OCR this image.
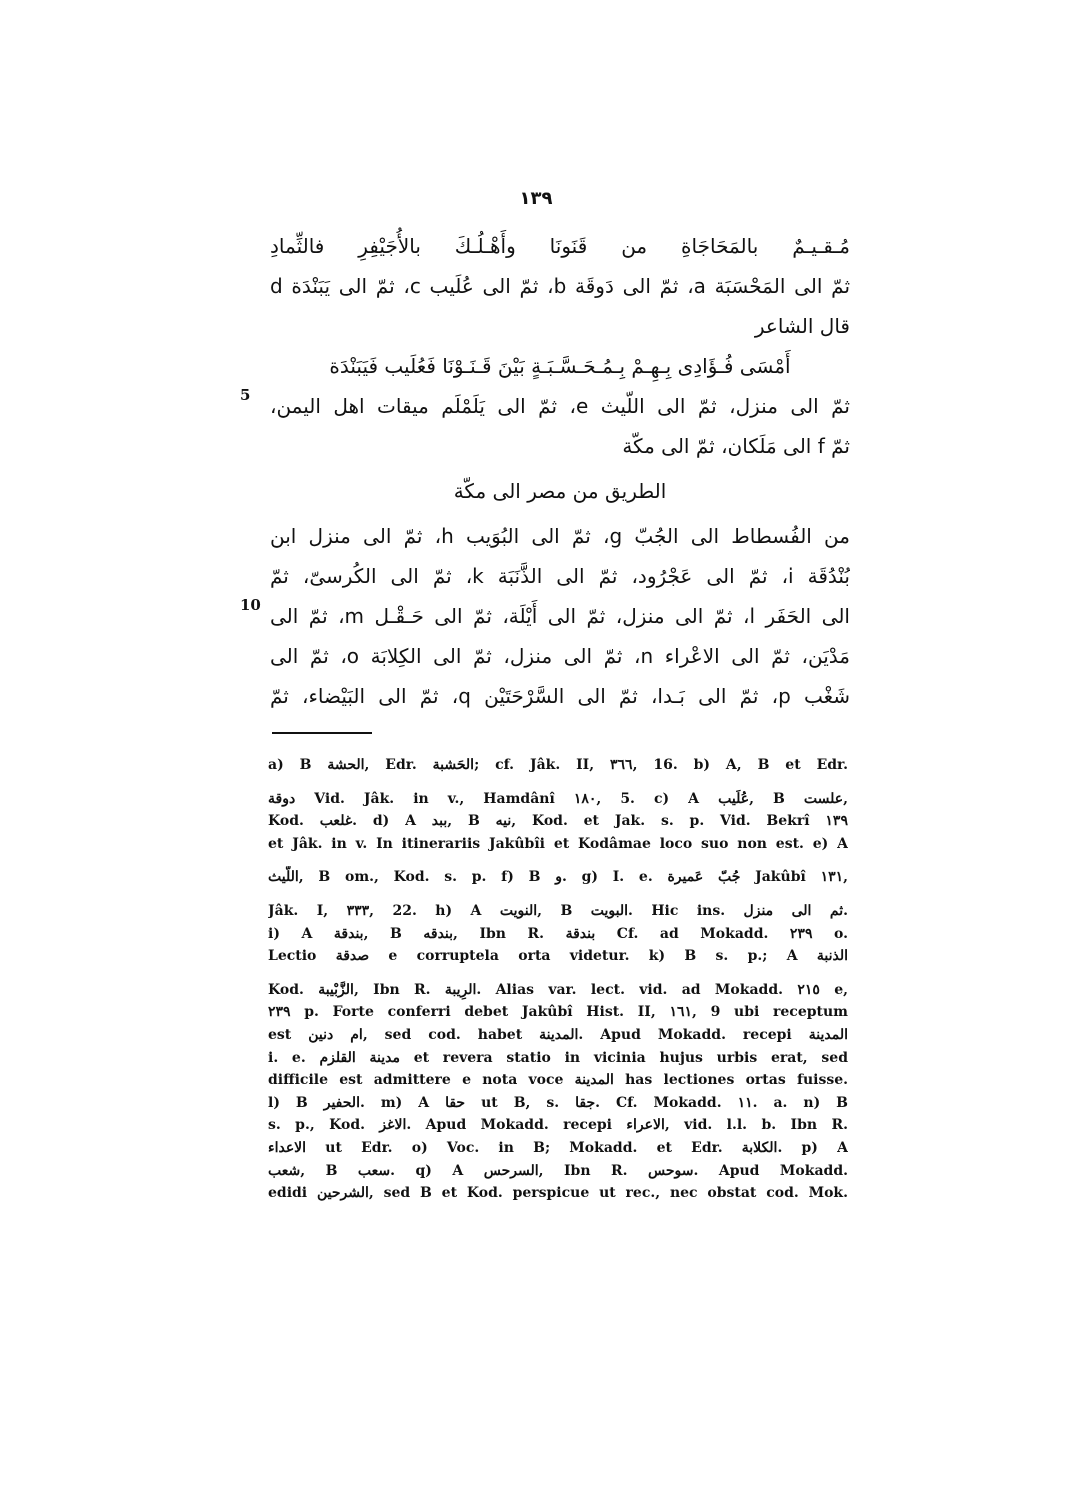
١٣٩
مُـقـيـمٌ بالمَحَاجَاةِ من قَنَونَا وأَهْـلُـكَ بالأُجَيْفِرِ فالثِّمادِ
ثمّ الى المَحْسَبَة a، ثمّ الى دَوقَة b، ثمّ الى عُلَيب c، ثمّ الى يَبَنْدَة d
قال الشاعر
أَمْسَى فُـؤَادِى بِـهِـمْ بِـمُـحَـسَّـبَـةٍ بَيْنَ قَـنَـوْنَا فَعُلَيب فَيَبَنْدَة
ثمّ الى منزل، ثمّ الى اللّيث e، ثمّ الى يَلَمْلَم ميقات اهل اليمن،
ثمّ f الى مَلَكان، ثمّ الى مكّة
الطريق من مصر الى مكّة
من الفُسطاط الى الجُبّ g، ثمّ الى البُوَيب h، ثمّ الى منزل ابن
بُنْدُقَة i، ثمّ الى عَجْرُود، ثمّ الى الذَّنَبَة k، ثمّ الى الكُرسىّ، ثمّ
الى الحَفَر l، ثمّ الى منزل، ثمّ الى أَيْلَة، ثمّ الى حَـقْـل m، ثمّ الى
مَدْيَن، ثمّ الى الاعْراء n، ثمّ الى منزل، ثمّ الى الكِلابَة o، ثمّ الى
شَغْب p، ثمّ الى بَـدا، ثمّ الى السَّرْحَتَيْن q، ثمّ الى البَيْضاء، ثمّ
a) B الحشة, Edr. الحَشبة; cf. Jâk. II, ٣٦٦, 16. b) A, B et Edr.
دوقة Vid. Jâk. in v., Hamdânî ١٨٠, 5. c) A عُلَيب, B علست,
Kod. غلعب. d) A ببد, B نيه, Kod. et Jak. s. p. Vid. Bekrî ١٣٩
et Jâk. in v. In itinerariis Jakûbîi et Kodâmae loco suo non est. e) A
اللّيث, B om., Kod. s. p. f) B و. g) I. e. جُبّ عَميرة Jakûbî ١٣١,
Jâk. I, ٣٣٣, 22. h) A النويت, B البويت. Hic ins. ثم الى منزل.
i) A بندقة, B بندقه, Ibn R. بندقة Cf. ad Mokadd. ٢٣٩ o.
Lectio صدقة e corruptela orta videtur. k) B s. p.; A الذنبة
Kod. الزَّبْيبة, Ibn R. الرِيبة. Alias var. lect. vid. ad Mokadd. ٢١٥ e,
٢٣٩ p. Forte conferri debet Jakûbî Hist. II, ١٦١, 9 ubi receptum
est ام دنين, sed cod. habet المدينة. Apud Mokadd. recepi المدينة
i. e. مدينة القلزم et revera statio in vicinia hujus urbis erat, sed
difficile est admittere e nota voce المدينة has lectiones ortas fuisse.
l) B الحفير. m) A حقا ut B, s. جقا. Cf. Mokadd. ١١. a. n) B
s. p., Kod. الاغز. Apud Mokadd. recepi الاعراء, vid. l.l. b. Ibn R.
الاعداء ut Edr. o) Voc. in B; Mokadd. et Edr. الكلابة. p) A
شعب, B سعب. q) A السرحس, Ibn R. سوحس. Apud Mokadd.
edidi الشرحين, sed B et Kod. perspicue ut rec., nec obstat cod. Mok.
5
10
